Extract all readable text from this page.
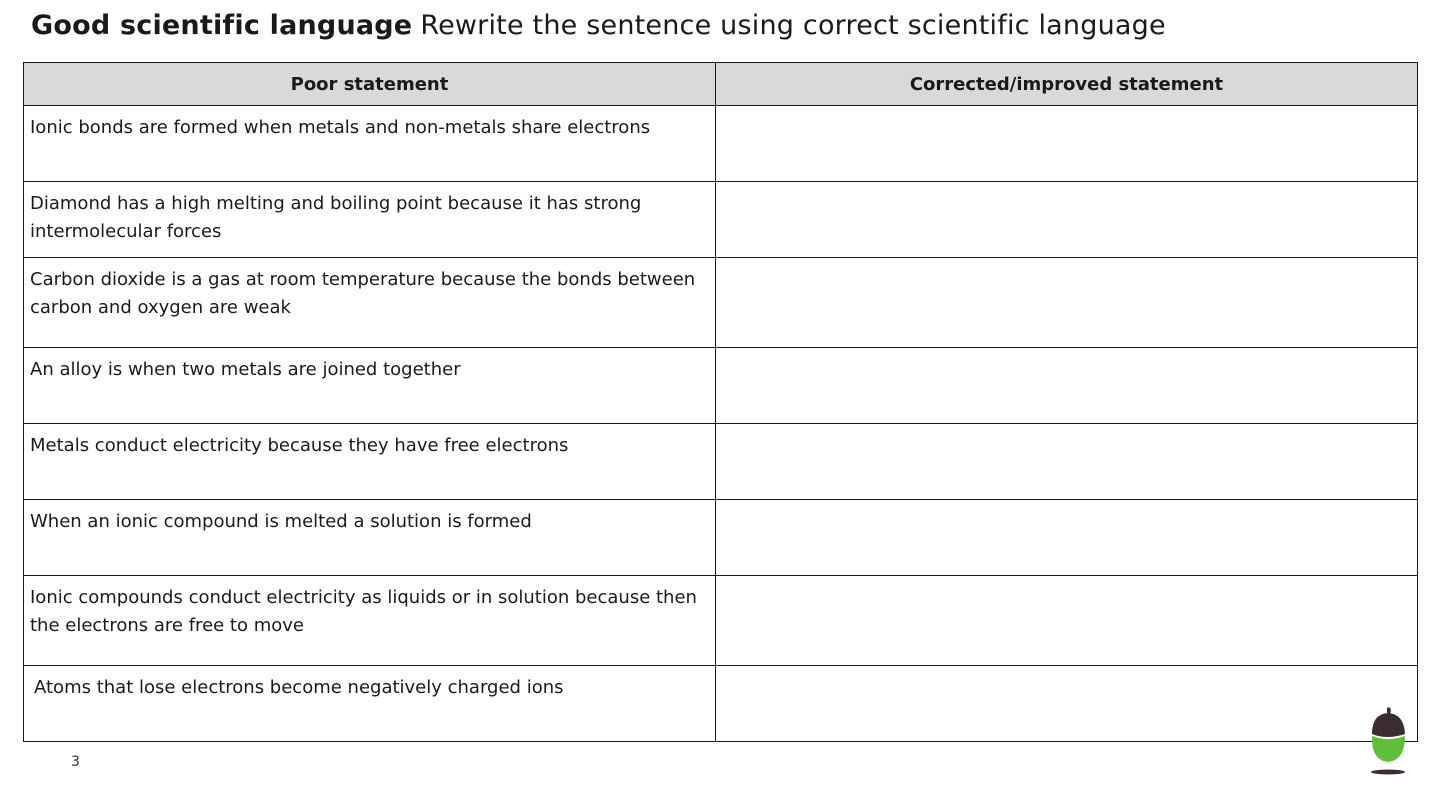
Good scientific language Rewrite the sentence using correct scientific language
Poor statement	Corrected/improved statement
Ionic bonds are formed when metals and non-metals share electrons	
Diamond has a high melting and boiling point because it has strong intermolecular forces	
Carbon dioxide is a gas at room temperature because the bonds between carbon and oxygen are weak	
An alloy is when two metals are joined together	
Metals conduct electricity because they have free electrons	
When an ionic compound is melted a solution is formed	
Ionic compounds conduct electricity as liquids or in solution because then the electrons are free to move	
Atoms that lose electrons become negatively charged ions	
3
